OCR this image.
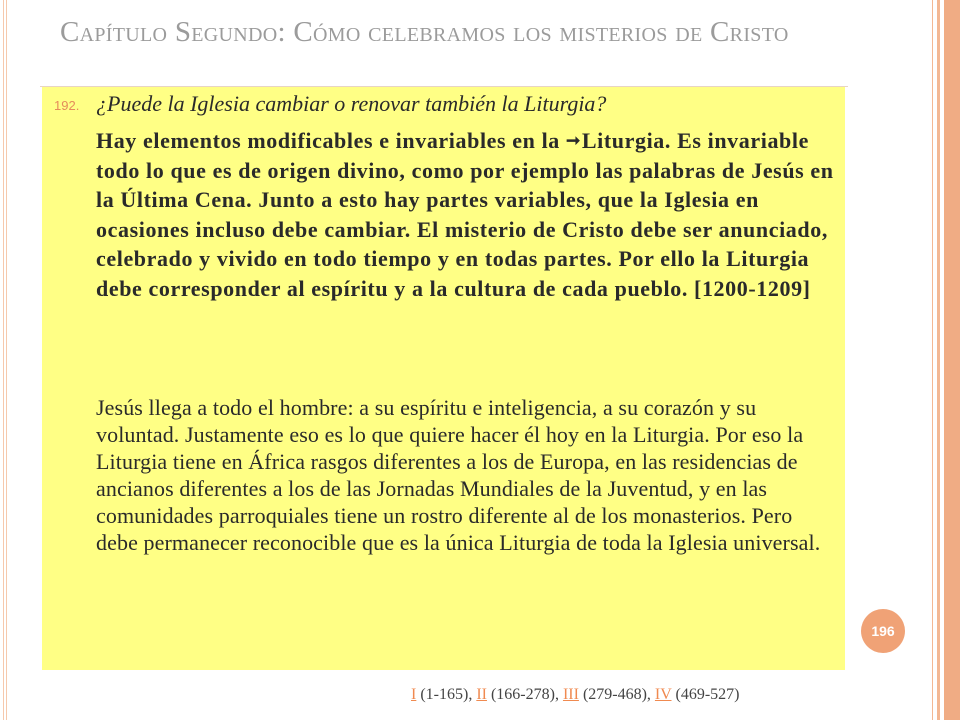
Capítulo Segundo: Cómo celebramos los misterios de Cristo
192. ¿Puede la Iglesia cambiar o renovar también la Liturgia?
Hay elementos modificables e invariables en la ➞Liturgia. Es invariable todo lo que es de origen divino, como por ejemplo las palabras de Jesús en la Última Cena. Junto a esto hay partes variables, que la Iglesia en ocasiones incluso debe cambiar. El misterio de Cristo debe ser anunciado, celebrado y vivido en todo tiempo y en todas partes. Por ello la Liturgia debe corresponder al espíritu y a la cultura de cada pueblo. [1200-1209]
Jesús llega a todo el hombre: a su espíritu e inteligencia, a su corazón y su voluntad. Justamente eso es lo que quiere hacer él hoy en la Liturgia. Por eso la Liturgia tiene en África rasgos diferentes a los de Europa, en las residencias de ancianos diferentes a los de las Jornadas Mundiales de la Juventud, y en las comunidades parroquiales tiene un rostro diferente al de los monasterios. Pero debe permanecer reconocible que es la única Liturgia de toda la Iglesia universal.
196
I (1-165), II (166-278), III (279-468), IV (469-527)
